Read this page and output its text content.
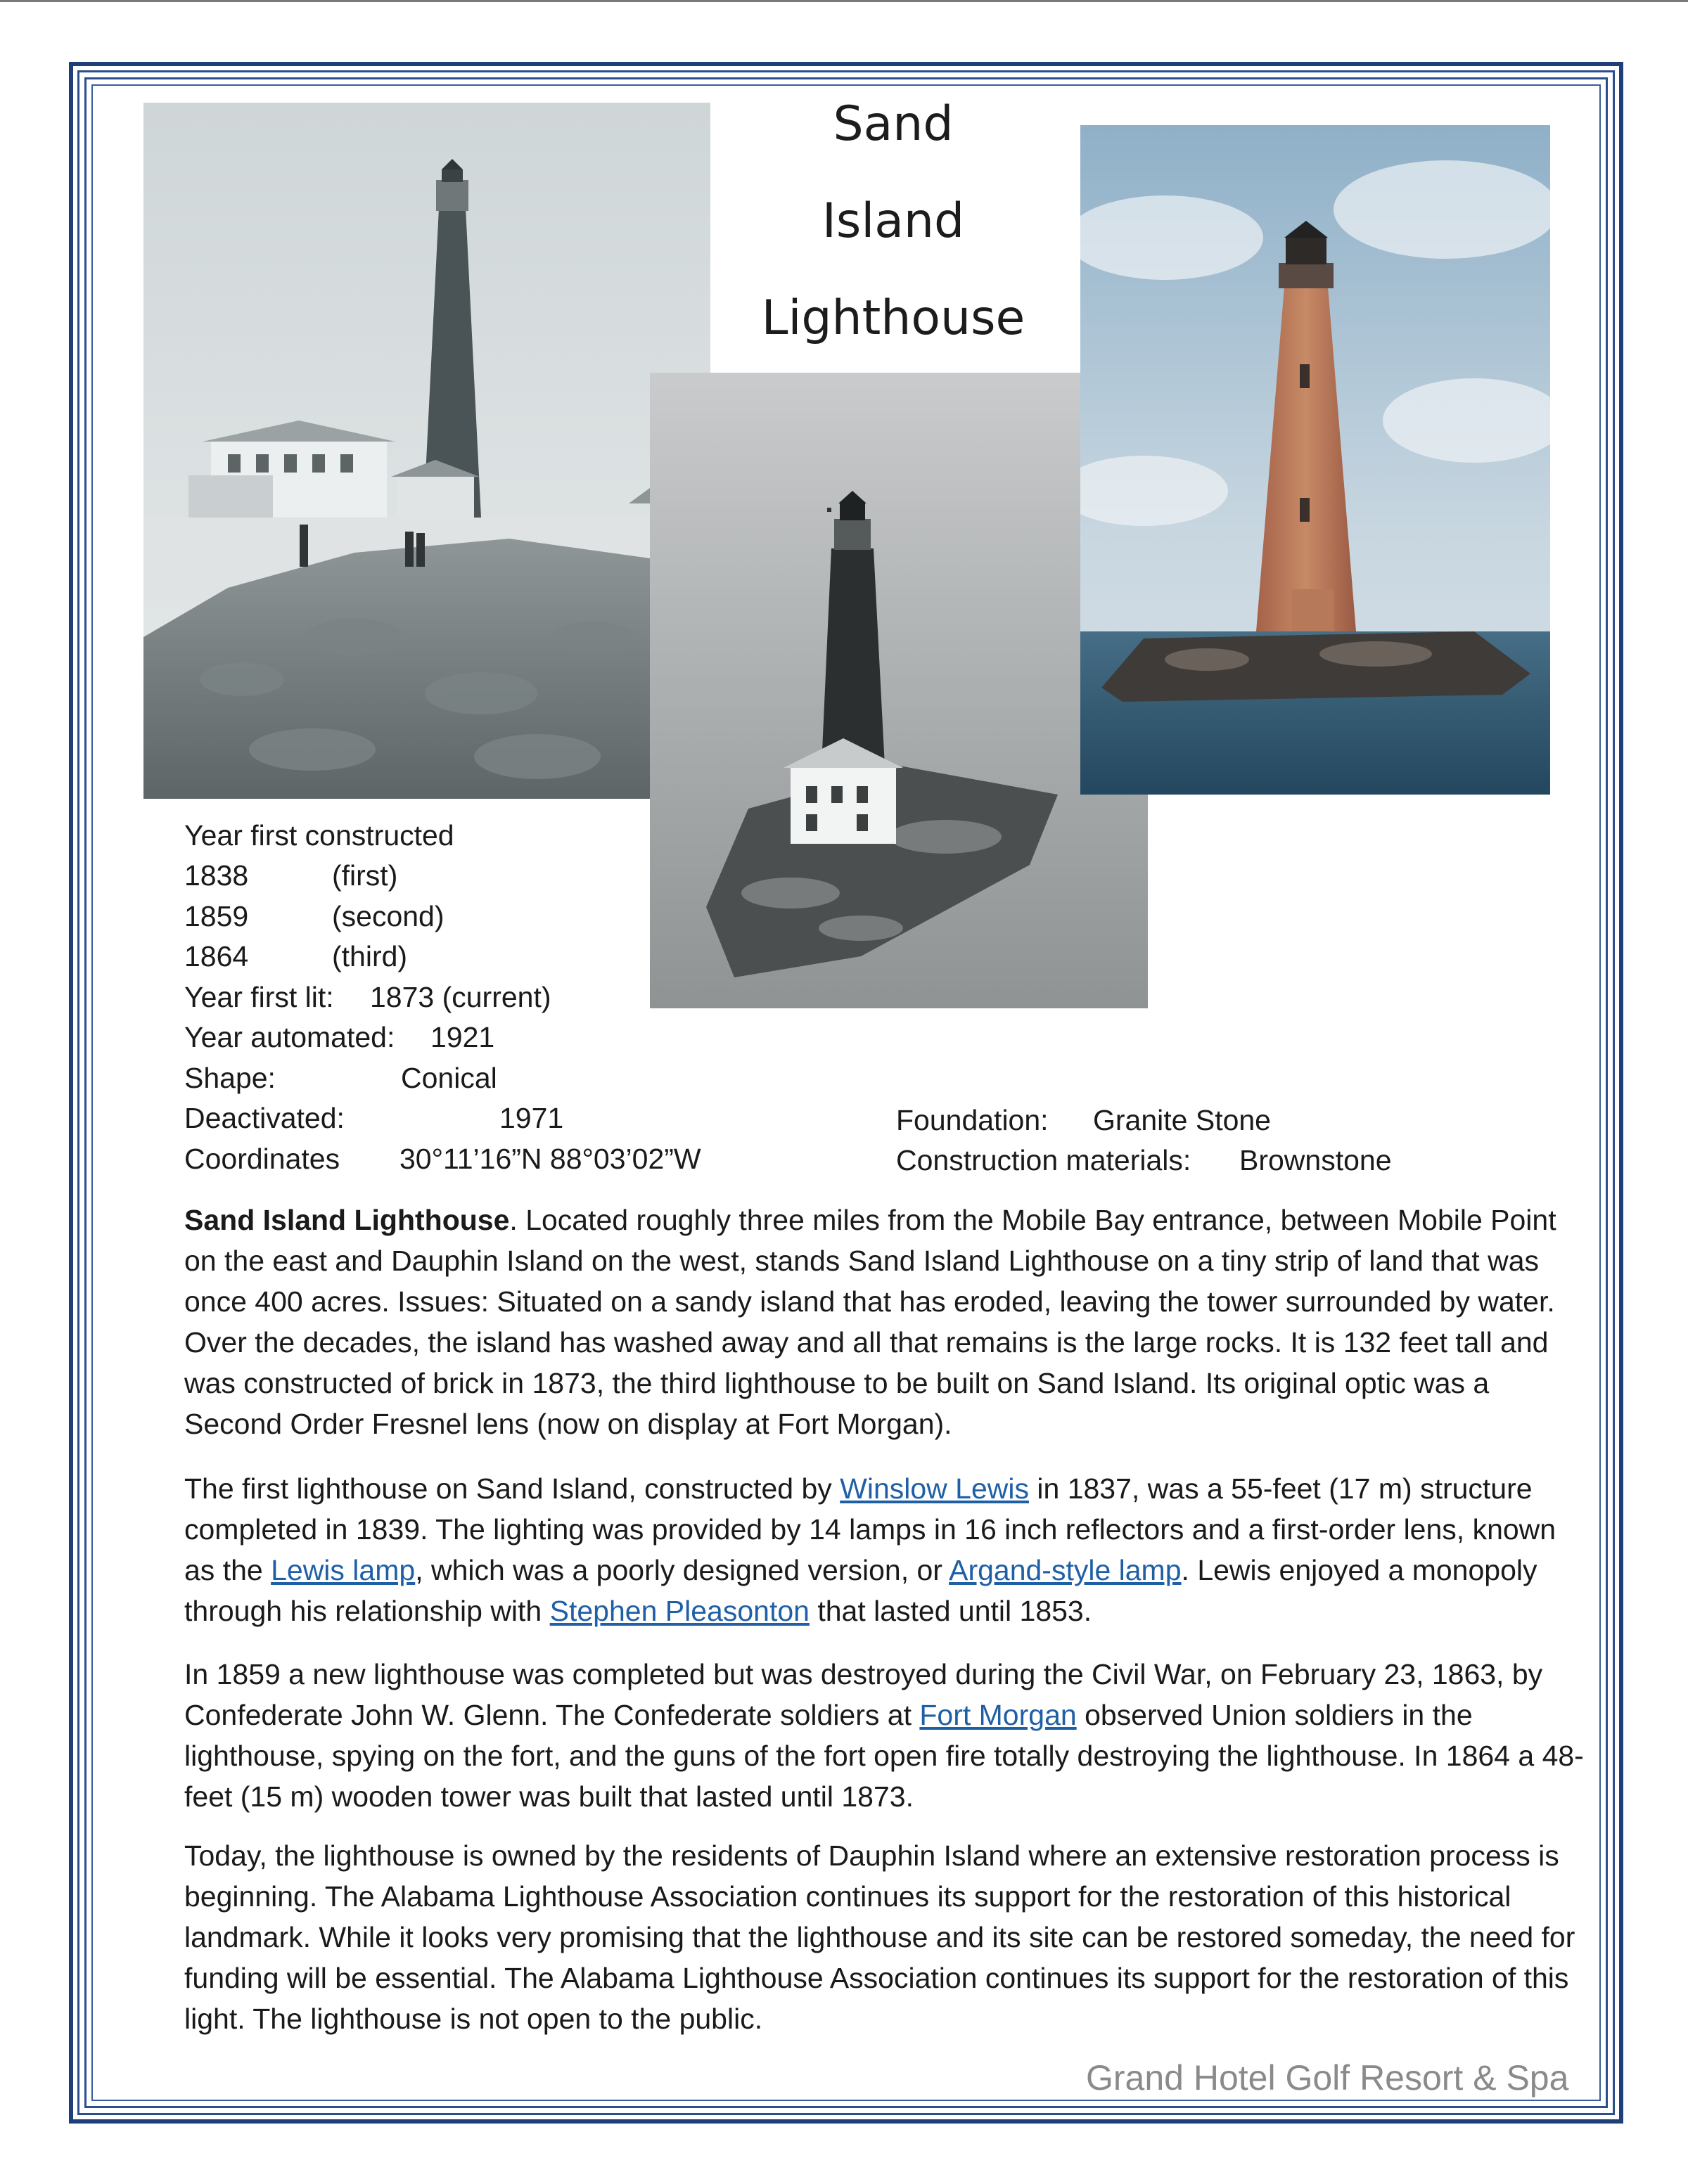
Sand
Island
Lighthouse
Year first constructed
1838	(first)
1859	(second)
1864	(third)
Year first lit: 1873 (current)
Year automated: 1921
Shape:	Conical
Deactivated:	1971
Coordinates 30°11’16”N 88°03’02”W
Foundation: Granite Stone
Construction materials: Brownstone

Sand Island Lighthouse. Located roughly three miles from the Mobile Bay entrance, between Mobile Point on the east and Dauphin Island on the west, stands Sand Island Lighthouse on a tiny strip of land that was once 400 acres. Issues: Situated on a sandy island that has eroded, leaving the tower surrounded by water. Over the decades, the island has washed away and all that remains is the large rocks. It is 132 feet tall and was constructed of brick in 1873, the third lighthouse to be built on Sand Island. Its original optic was a Second Order Fresnel lens (now on display at Fort Morgan).

The first lighthouse on Sand Island, constructed by Winslow Lewis in 1837, was a 55-feet (17 m) structure completed in 1839. The lighting was provided by 14 lamps in 16 inch reflectors and a first-order lens, known as the Lewis lamp, which was a poorly designed version, or Argand-style lamp. Lewis enjoyed a monopoly through his relationship with Stephen Pleasonton that lasted until 1853.

In 1859 a new lighthouse was completed but was destroyed during the Civil War, on February 23, 1863, by Confederate John W. Glenn. The Confederate soldiers at Fort Morgan observed Union soldiers in the lighthouse, spying on the fort, and the guns of the fort open fire totally destroying the lighthouse. In 1864 a 48-feet (15 m) wooden tower was built that lasted until 1873.

Today, the lighthouse is owned by the residents of Dauphin Island where an extensive restoration process is beginning. The Alabama Lighthouse Association continues its support for the restoration of this historical landmark. While it looks very promising that the lighthouse and its site can be restored someday, the need for funding will be essential. The Alabama Lighthouse Association continues its support for the restoration of this light. The lighthouse is not open to the public.

Grand Hotel Golf Resort & Spa
